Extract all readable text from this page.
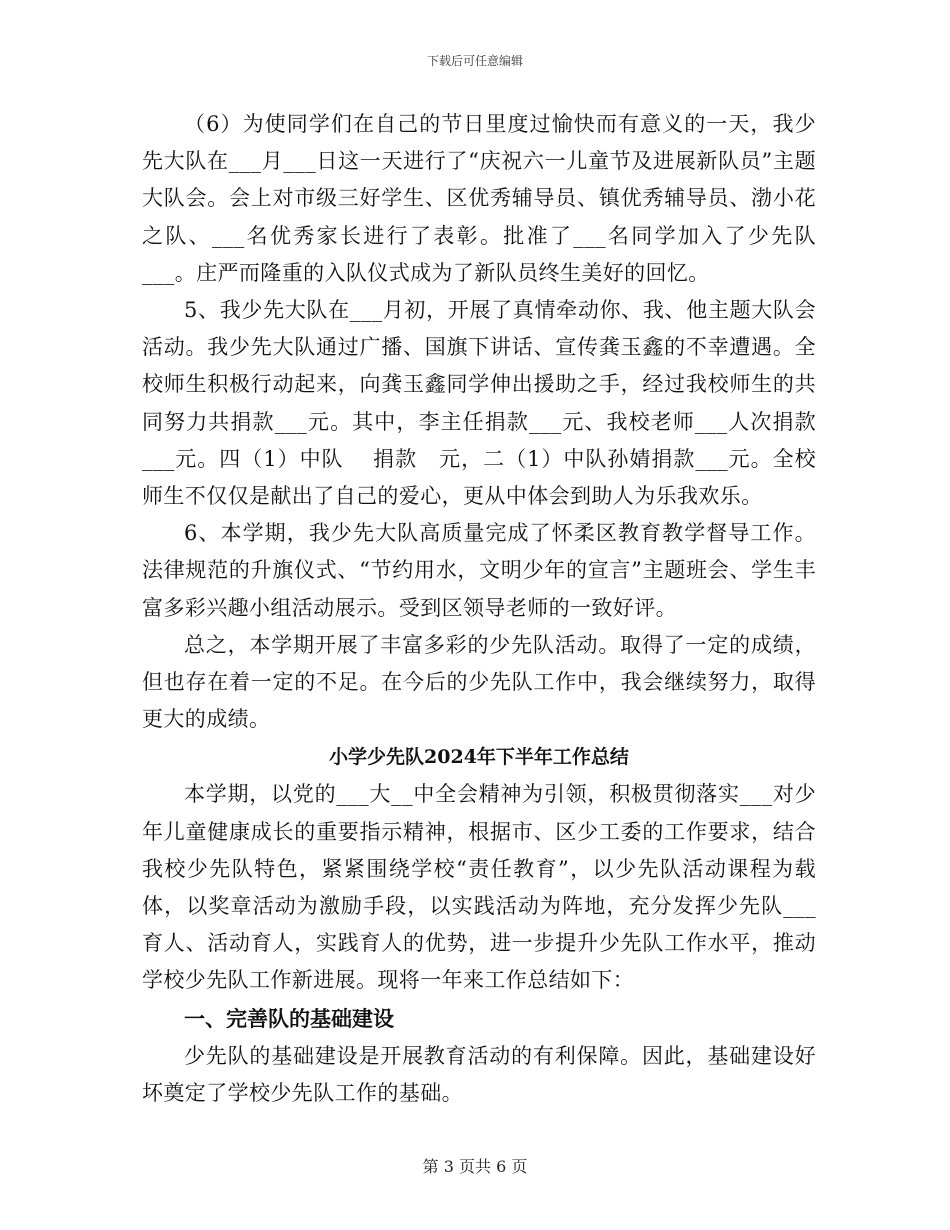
下载后可任意编辑

（6）为使同学们在自己的节日里度过愉快而有意义的一天，我少先大队在___月___日这一天进行了“庆祝六一儿童节及进展新队员”主题大队会。会上对市级三好学生、区优秀辅导员、镇优秀辅导员、渤小花之队、___名优秀家长进行了表彰。批准了___名同学加入了少先队___。庄严而隆重的入队仪式成为了新队员终生美好的回忆。

5、我少先大队在___月初，开展了真情牵动你、我、他主题大队会活动。我少先大队通过广播、国旗下讲话、宣传龚玉鑫的不幸遭遇。全校师生积极行动起来，向龚玉鑫同学伸出援助之手，经过我校师生的共同努力共捐款___元。其中，李主任捐款___元、我校老师___人次捐款___元。四（1）中队　 捐款　元，二（1）中队孙婧捐款___元。全校师生不仅仅是献出了自己的爱心，更从中体会到助人为乐我欢乐。

6、本学期，我少先大队高质量完成了怀柔区教育教学督导工作。法律规范的升旗仪式、“节约用水，文明少年的宣言”主题班会、学生丰富多彩兴趣小组活动展示。受到区领导老师的一致好评。

总之，本学期开展了丰富多彩的少先队活动。取得了一定的成绩，但也存在着一定的不足。在今后的少先队工作中，我会继续努力，取得更大的成绩。

小学少先队2024年下半年工作总结

本学期，以党的___大__中全会精神为引领，积极贯彻落实___对少年儿童健康成长的重要指示精神，根据市、区少工委的工作要求，结合我校少先队特色，紧紧围绕学校“责任教育”，以少先队活动课程为载体，以奖章活动为激励手段，以实践活动为阵地，充分发挥少先队___育人、活动育人，实践育人的优势，进一步提升少先队工作水平，推动学校少先队工作新进展。现将一年来工作总结如下：

一、完善队的基础建设

少先队的基础建设是开展教育活动的有利保障。因此，基础建设好坏奠定了学校少先队工作的基础。

第 3 页共 6 页
